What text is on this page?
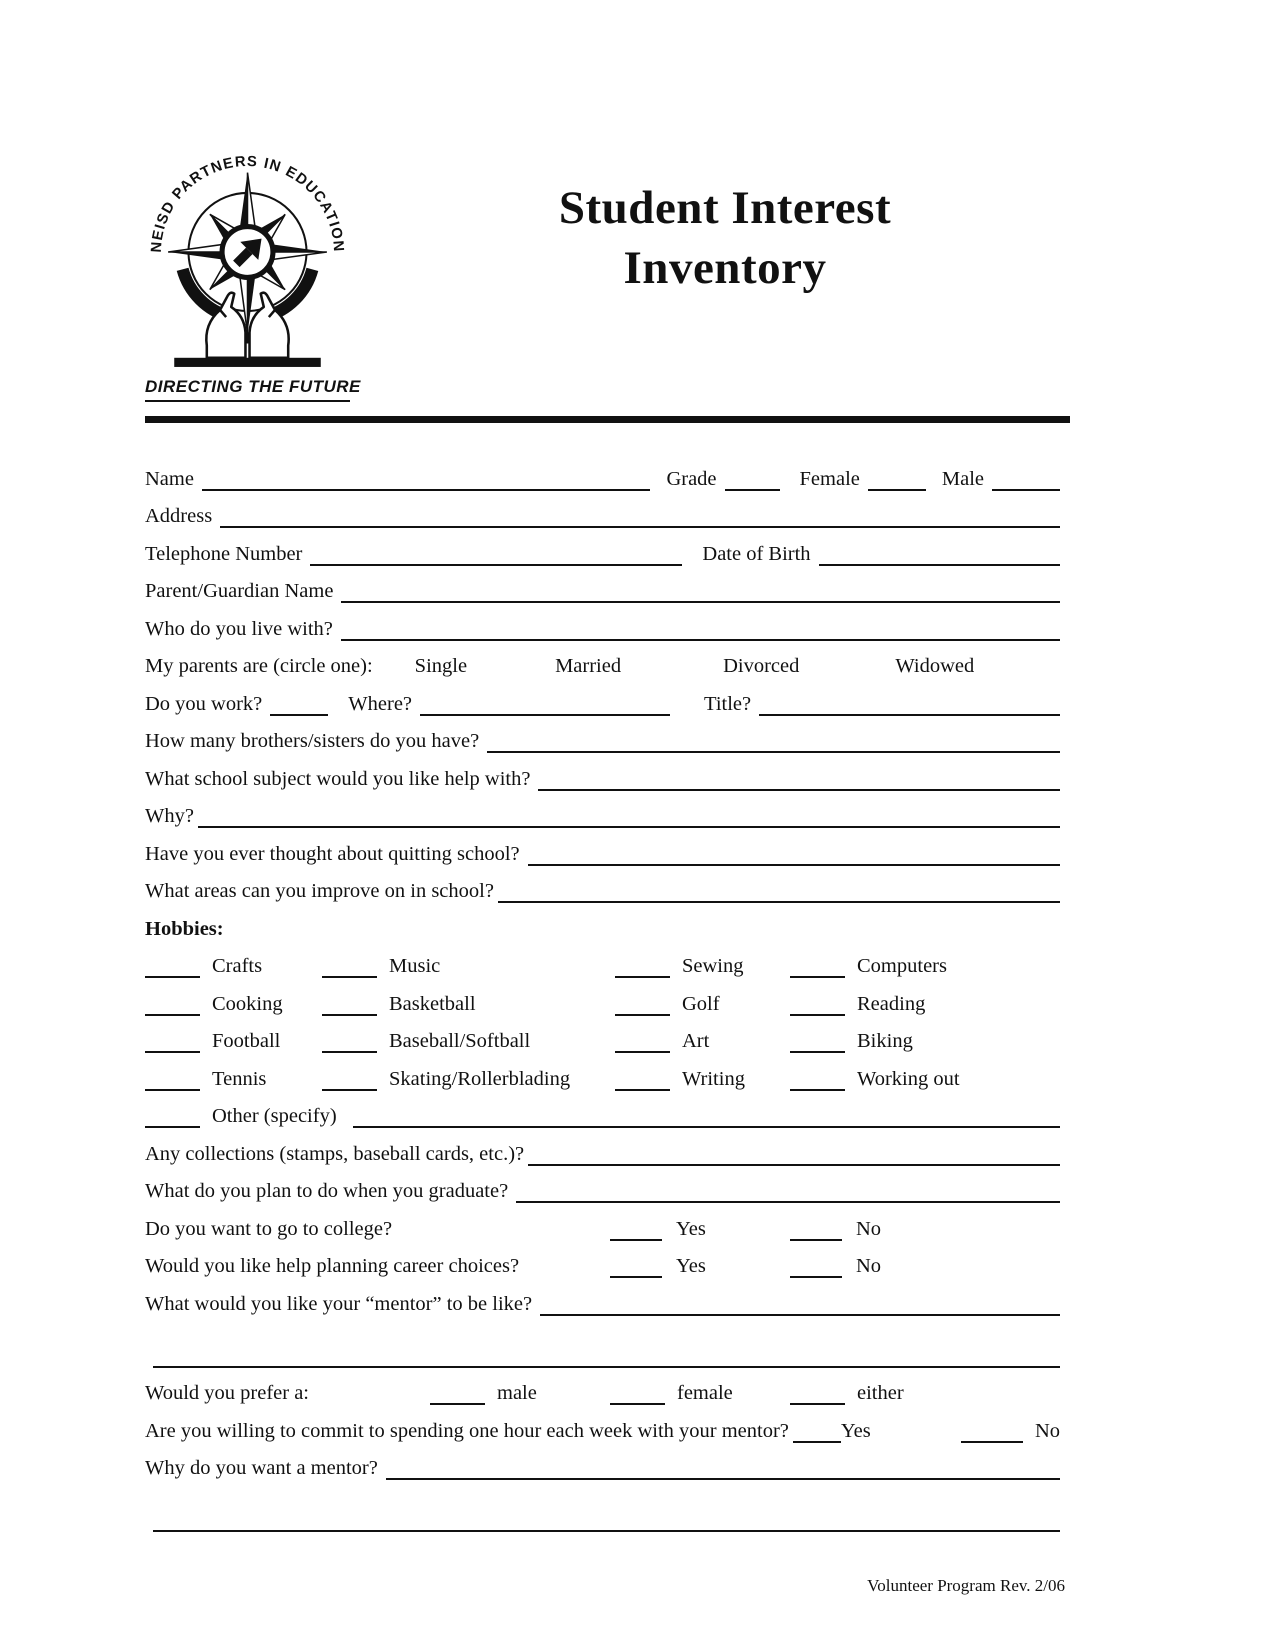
NEISD PARTNERS IN EDUCATION
DIRECTING THE FUTURE
Student Interest
Inventory
Name	Grade	Female	Male
Address
Telephone Number	Date of Birth
Parent/Guardian Name
Who do you live with?
My parents are (circle one): Single	Married	Divorced	Widowed
Do you work?	Where?	Title?
How many brothers/sisters do you have?
What school subject would you like help with?
Why?
Have you ever thought about quitting school?
What areas can you improve on in school?
Hobbies:
Crafts	Music	Sewing	Computers
Cooking	Basketball	Golf	Reading
Football	Baseball/Softball	Art	Biking
Tennis	Skating/Rollerblading	Writing	Working out
Other (specify)
Any collections (stamps, baseball cards, etc.)?
What do you plan to do when you graduate?
Do you want to go to college?	Yes	No
Would you like help planning career choices?	Yes	No
What would you like your “mentor” to be like?
Would you prefer a:	male	female	either
Are you willing to commit to spending one hour each week with your mentor?	Yes	No
Why do you want a mentor?
Volunteer Program Rev. 2/06
